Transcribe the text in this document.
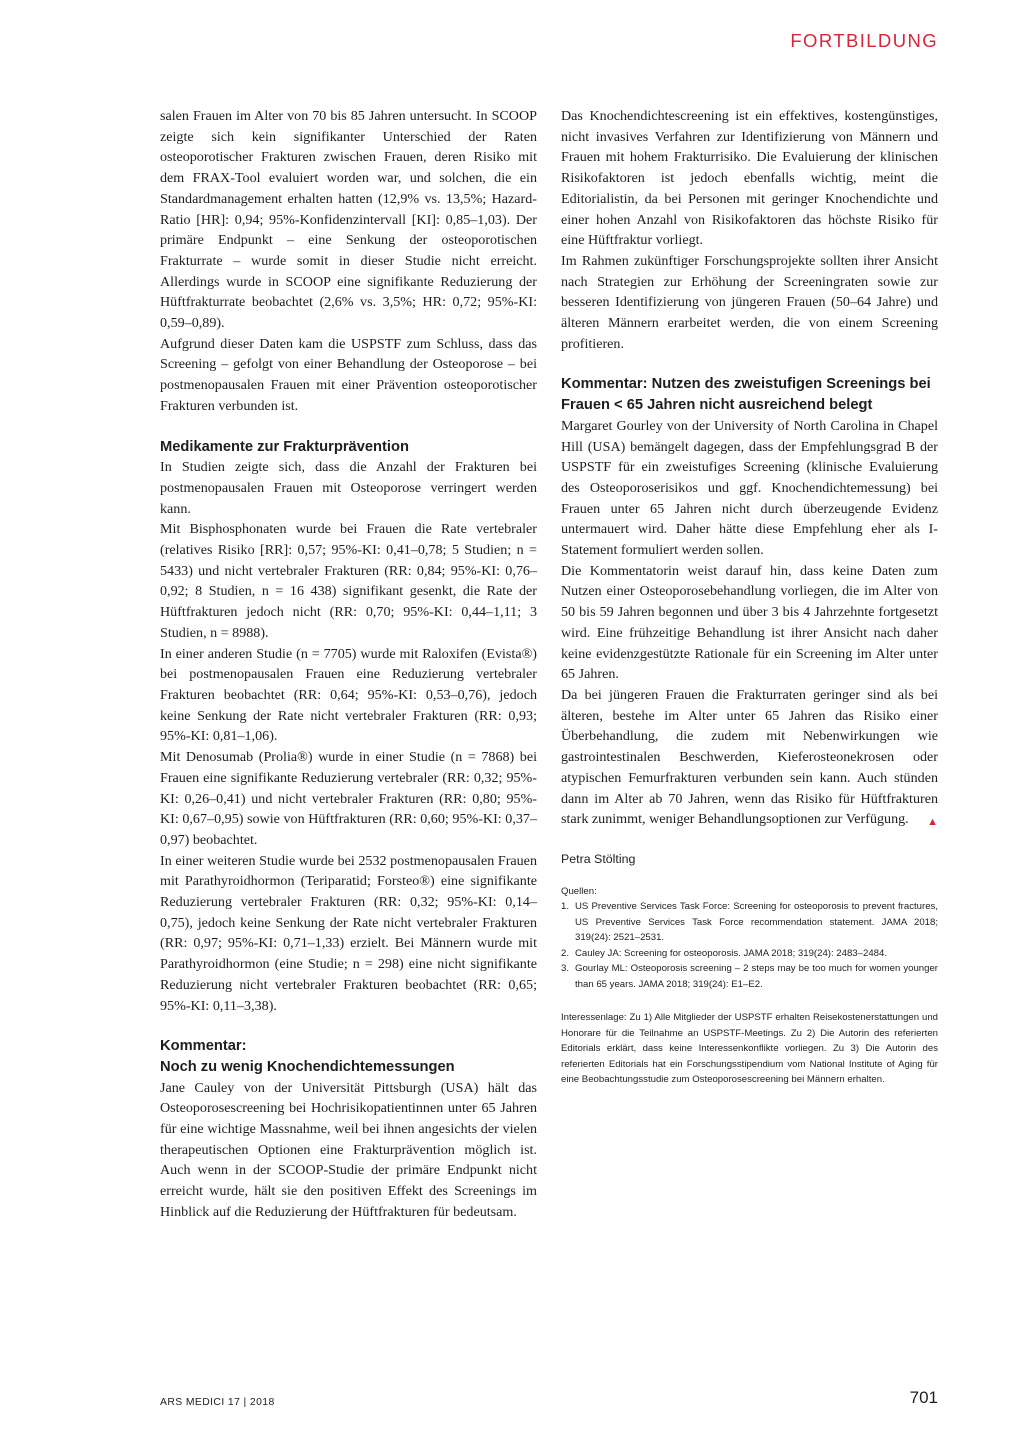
FORTBILDUNG

salen Frauen im Alter von 70 bis 85 Jahren untersucht. In SCOOP zeigte sich kein signifikanter Unterschied der Raten osteoporotischer Frakturen zwischen Frauen, deren Risiko mit dem FRAX-Tool evaluiert worden war, und solchen, die ein Standardmanagement erhalten hatten (12,9% vs. 13,5%; Hazard-Ratio [HR]: 0,94; 95%-Konfidenzintervall [KI]: 0,85–1,03). Der primäre Endpunkt – eine Senkung der osteoporotischen Frakturrate – wurde somit in dieser Studie nicht erreicht. Allerdings wurde in SCOOP eine signifikante Reduzierung der Hüftfrakturrate beobachtet (2,6% vs. 3,5%; HR: 0,72; 95%-KI: 0,59–0,89).

Aufgrund dieser Daten kam die USPSTF zum Schluss, dass das Screening – gefolgt von einer Behandlung der Osteoporose – bei postmenopausalen Frauen mit einer Prävention osteoporotischer Frakturen verbunden ist.

Medikamente zur Frakturprävention

In Studien zeigte sich, dass die Anzahl der Frakturen bei postmenopausalen Frauen mit Osteoporose verringert werden kann.

Mit Bisphosphonaten wurde bei Frauen die Rate vertebraler (relatives Risiko [RR]: 0,57; 95%-KI: 0,41–0,78; 5 Studien; n = 5433) und nicht vertebraler Frakturen (RR: 0,84; 95%-KI: 0,76–0,92; 8 Studien, n = 16 438) signifikant gesenkt, die Rate der Hüftfrakturen jedoch nicht (RR: 0,70; 95%-KI: 0,44–1,11; 3 Studien, n = 8988).

In einer anderen Studie (n = 7705) wurde mit Raloxifen (Evista®) bei postmenopausalen Frauen eine Reduzierung vertebraler Frakturen beobachtet (RR: 0,64; 95%-KI: 0,53–0,76), jedoch keine Senkung der Rate nicht vertebraler Frakturen (RR: 0,93; 95%-KI: 0,81–1,06).

Mit Denosumab (Prolia®) wurde in einer Studie (n = 7868) bei Frauen eine signifikante Reduzierung vertebraler (RR: 0,32; 95%-KI: 0,26–0,41) und nicht vertebraler Frakturen (RR: 0,80; 95%-KI: 0,67–0,95) sowie von Hüftfrakturen (RR: 0,60; 95%-KI: 0,37–0,97) beobachtet.

In einer weiteren Studie wurde bei 2532 postmenopausalen Frauen mit Parathyroidhormon (Teriparatid; Forsteo®) eine signifikante Reduzierung vertebraler Frakturen (RR: 0,32; 95%-KI: 0,14–0,75), jedoch keine Senkung der Rate nicht vertebraler Frakturen (RR: 0,97; 95%-KI: 0,71–1,33) erzielt. Bei Männern wurde mit Parathyroidhormon (eine Studie; n = 298) eine nicht signifikante Reduzierung nicht vertebraler Frakturen beobachtet (RR: 0,65; 95%-KI: 0,11–3,38).

Kommentar:
Noch zu wenig Knochendichtemessungen

Jane Cauley von der Universität Pittsburgh (USA) hält das Osteoporosescreening bei Hochrisikopatientinnen unter 65 Jahren für eine wichtige Massnahme, weil bei ihnen angesichts der vielen therapeutischen Optionen eine Frakturprävention möglich ist. Auch wenn in der SCOOP-Studie der primäre Endpunkt nicht erreicht wurde, hält sie den positiven Effekt des Screenings im Hinblick auf die Reduzierung der Hüftfrakturen für bedeutsam.

Das Knochendichtescreening ist ein effektives, kostengünstiges, nicht invasives Verfahren zur Identifizierung von Männern und Frauen mit hohem Frakturrisiko. Die Evaluierung der klinischen Risikofaktoren ist jedoch ebenfalls wichtig, meint die Editorialistin, da bei Personen mit geringer Knochendichte und einer hohen Anzahl von Risikofaktoren das höchste Risiko für eine Hüftfraktur vorliegt.

Im Rahmen zukünftiger Forschungsprojekte sollten ihrer Ansicht nach Strategien zur Erhöhung der Screeningraten sowie zur besseren Identifizierung von jüngeren Frauen (50–64 Jahre) und älteren Männern erarbeitet werden, die von einem Screening profitieren.

Kommentar: Nutzen des zweistufigen Screenings bei Frauen < 65 Jahren nicht ausreichend belegt

Margaret Gourley von der University of North Carolina in Chapel Hill (USA) bemängelt dagegen, dass der Empfehlungsgrad B der USPSTF für ein zweistufiges Screening (klinische Evaluierung des Osteoporoserisikos und ggf. Knochendichtemessung) bei Frauen unter 65 Jahren nicht durch überzeugende Evidenz untermauert wird. Daher hätte diese Empfehlung eher als I-Statement formuliert werden sollen.

Die Kommentatorin weist darauf hin, dass keine Daten zum Nutzen einer Osteoporosebehandlung vorliegen, die im Alter von 50 bis 59 Jahren begonnen und über 3 bis 4 Jahrzehnte fortgesetzt wird. Eine frühzeitige Behandlung ist ihrer Ansicht nach daher keine evidenzgestützte Rationale für ein Screening im Alter unter 65 Jahren.

Da bei jüngeren Frauen die Frakturraten geringer sind als bei älteren, bestehe im Alter unter 65 Jahren das Risiko einer Überbehandlung, die zudem mit Nebenwirkungen wie gastrointestinalen Beschwerden, Kieferosteonekrosen oder atypischen Femurfrakturen verbunden sein kann. Auch stünden dann im Alter ab 70 Jahren, wenn das Risiko für Hüftfrakturen stark zunimmt, weniger Behandlungsoptionen zur Verfügung. ▲

Petra Stölting
Quellen:
1. US Preventive Services Task Force: Screening for osteoporosis to prevent fractures, US Preventive Services Task Force recommendation statement. JAMA 2018; 319(24): 2521–2531.
2. Cauley JA: Screening for osteoporosis. JAMA 2018; 319(24): 2483–2484.
3. Gourlay ML: Osteoporosis screening – 2 steps may be too much for women younger than 65 years. JAMA 2018; 319(24): E1–E2.
Interessenlage: Zu 1) Alle Mitglieder der USPSTF erhalten Reisekostenerstattungen und Honorare für die Teilnahme an USPSTF-Meetings. Zu 2) Die Autorin des referierten Editorials erklärt, dass keine Interessenkonflikte vorliegen. Zu 3) Die Autorin des referierten Editorials hat ein Forschungsstipendium vom National Institute of Aging für eine Beobachtungsstudie zum Osteoporosescreening bei Männern erhalten.
ARS MEDICI 17 | 2018	701
